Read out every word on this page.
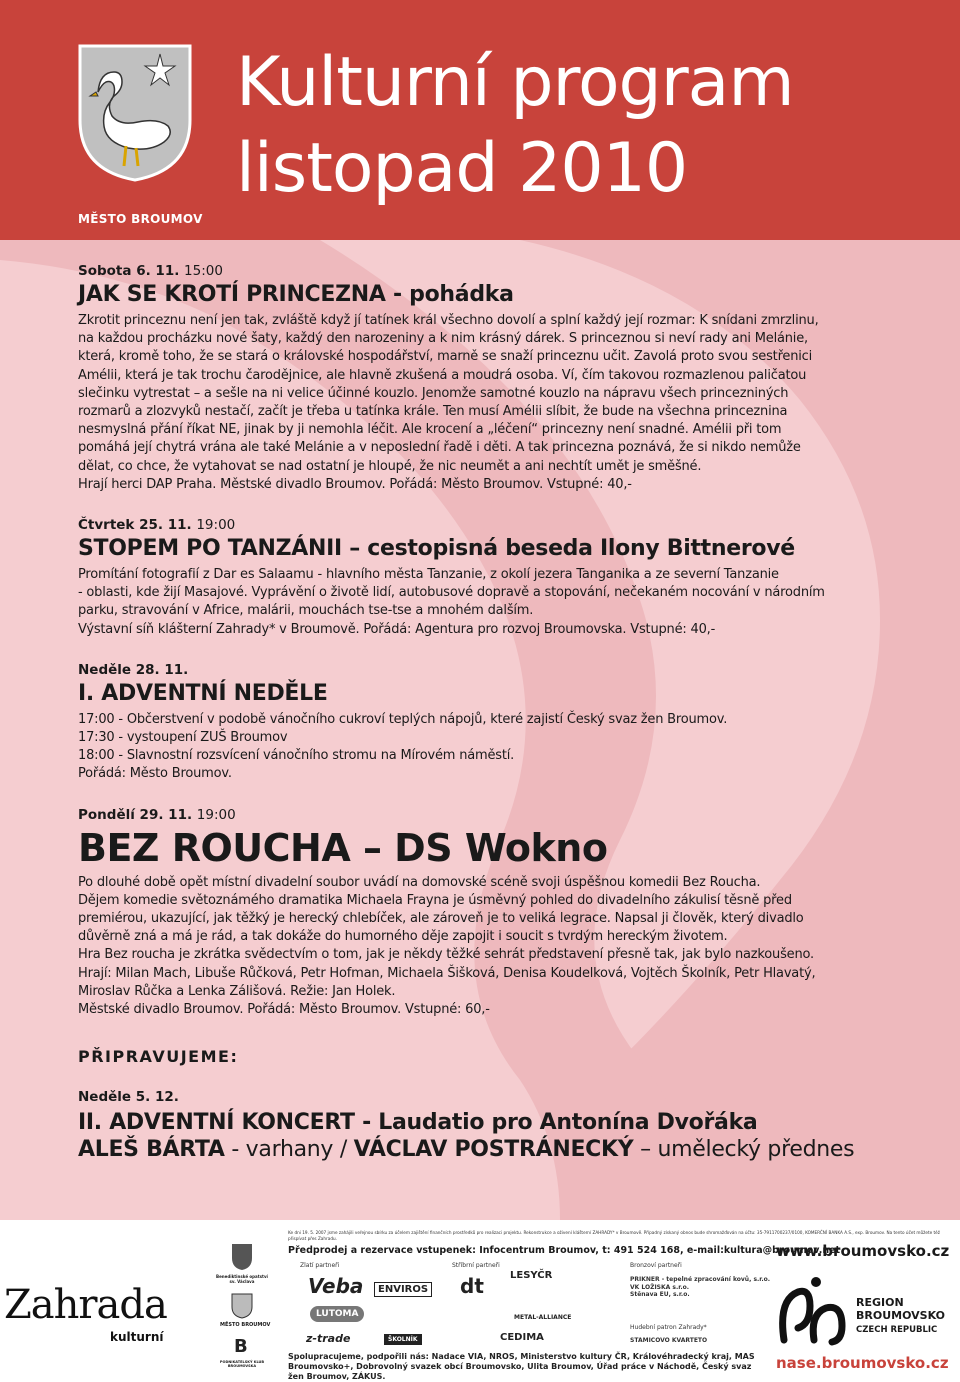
MĚSTO BROUMOV
Kulturní program
listopad 2010

Sobota 6. 11. 15:00

JAK SE KROTÍ PRINCEZNA - pohádka

Zkrotit princeznu není jen tak, zvláště když jí tatínek král všechno dovolí a splní každý její rozmar: K snídani zmrzlinu,
na každou procházku nové šaty, každý den narozeniny a k nim krásný dárek. S princeznou si neví rady ani Melánie,
která, kromě toho, že se stará o královské hospodářství, marně se snaží princeznu učit. Zavolá proto svou sestřenici
Amélii, která je tak trochu čarodějnice, ale hlavně zkušená a moudrá osoba. Ví, čím takovou rozmazlenou paličatou
slečinku vytrestat – a sešle na ni velice účinné kouzlo. Jenomže samotné kouzlo na nápravu všech princezniných
rozmarů a zlozvyků nestačí, začít je třeba u tatínka krále. Ten musí Amélii slíbit, že bude na všechna princeznina
nesmyslná přání říkat NE, jinak by ji nemohla léčit. Ale krocení a „léčení“ princezny není snadné. Amélii při tom
pomáhá její chytrá vrána ale také Melánie a v neposlední řadě i děti. A tak princezna poznává, že si nikdo nemůže
dělat, co chce, že vytahovat se nad ostatní je hloupé, že nic neumět a ani nechtít umět je směšné.
Hrají herci DAP Praha. Městské divadlo Broumov. Pořádá: Město Broumov. Vstupné: 40,-

Čtvrtek 25. 11. 19:00

STOPEM PO TANZÁNII – cestopisná beseda Ilony Bittnerové

Promítání fotografií z Dar es Salaamu - hlavního města Tanzanie, z okolí jezera Tanganika a ze severní Tanzanie
- oblasti, kde žijí Masajové. Vyprávění o životě lidí, autobusové dopravě a stopování, nečekaném nocování v národním
parku, stravování v Africe, malárii, mouchách tse-tse a mnohém dalším.
Výstavní síň klášterní Zahrady* v Broumově. Pořádá: Agentura pro rozvoj Broumovska. Vstupné: 40,-

Neděle 28. 11.

I. ADVENTNÍ NEDĚLE

17:00 - Občerstvení v podobě vánočního cukroví teplých nápojů, které zajistí Český svaz žen Broumov.
17:30 - vystoupení ZUŠ Broumov
18:00 - Slavnostní rozsvícení vánočního stromu na Mírovém náměstí.
Pořádá: Město Broumov.

Pondělí 29. 11. 19:00

BEZ ROUCHA – DS Wokno

Po dlouhé době opět místní divadelní soubor uvádí na domovské scéně svoji úspěšnou komedii Bez Roucha.
Dějem komedie světoznámého dramatika Michaela Frayna je úsměvný pohled do divadelního zákulisí těsně před
premiérou, ukazující, jak těžký je herecký chlebíček, ale zároveň je to veliká legrace. Napsal ji člověk, který divadlo
důvěrně zná a má je rád, a tak dokáže do humorného děje zapojit i soucit s tvrdým hereckým životem.
Hra Bez roucha je zkrátka svědectvím o tom, jak je někdy těžké sehrát představení přesně tak, jak bylo nazkoušeno.
Hrají: Milan Mach, Libuše Růčková, Petr Hofman, Michaela Šišková, Denisa Koudelková, Vojtěch Školník, Petr Hlavatý,
Miroslav Růčka a Lenka Zálišová. Režie: Jan Holek.
Městské divadlo Broumov. Pořádá: Město Broumov. Vstupné: 60,-

PŘIPRAVUJEME:

Neděle 5. 12.

II. ADVENTNÍ KONCERT - Laudatio pro Antonína Dvořáka
ALEŠ BÁRTA - varhany / VÁCLAV POSTRÁNECKÝ – umělecký přednes
Ke dni 19. 5. 2007 jsme zahájili veřejnou sbírku za účelem zajištění finančních prostředků pro realizaci projektu. Rekonstrukce a oživení klášterní ZAHRADY* v Broumově. Případný získaný obnos bude shromažďován na účtu: 35-7911700237/0100, KOMERČNÍ BANKA A.S., exp. Broumov. Na tento účet můžete též přispívat přes Zahradu.
Předprodej a rezervace vstupenek: Infocentrum Broumov, t: 491 524 168, e-mail:kultura@broumov.net
Zlatí partneři	Stříbrní partneři	Bronzoví partneři
Veba	ENVIROS
LUTOMA
z-trade	ŠKOLNÍK
dt	LESYČR
METAL-ALLIANCE
CEDIMA
PRIKNER - tepelné zpracování kovů, s.r.o.
VK LOŽISKA s.r.o.
Stěnava EU, s.r.o.
Hudební patron Zahrady*
STAMICOVO KVARTETO
Spolupracujeme, podpořili nás: Nadace VIA, NROS, Ministerstvo kultury ČR, Královéhradecký kraj, MAS Broumovsko+, Dobrovolný svazek obcí Broumovsko, Ulita Broumov, Úřad práce v Náchodě, Český svaz žen Broumov, ZÁKUS.
Zahrada
kulturní
Benediktinské opatství sv. Václava
MĚSTO BROUMOV
B
PODNIKATELSKÝ KLUB BROUMOVSKA
www.broumovsko.cz
REGION
BROUMOVSKO
CZECH REPUBLIC
nase.broumovsko.cz
